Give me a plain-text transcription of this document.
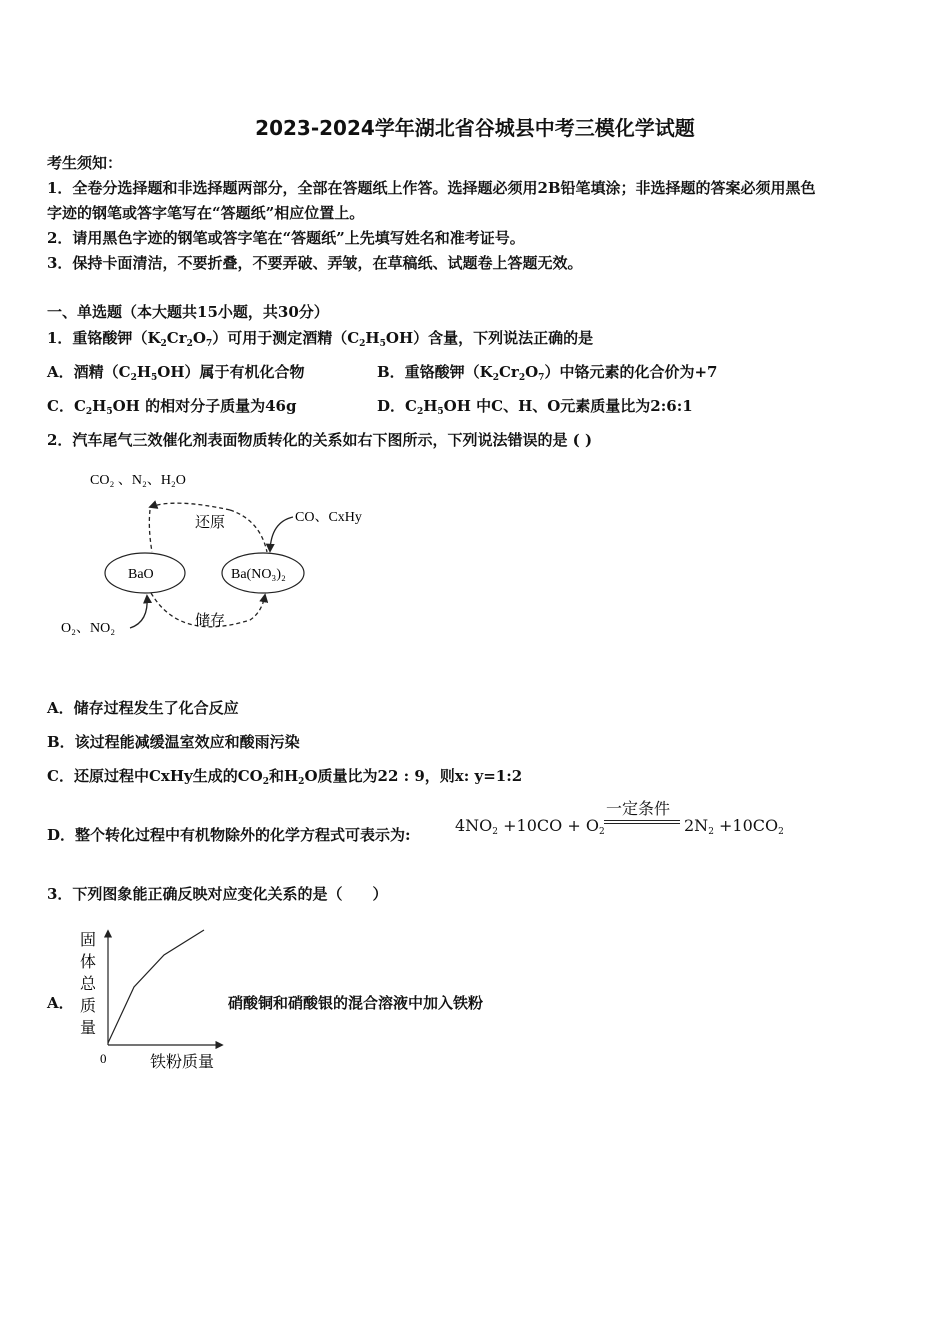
2023-2024学年湖北省谷城县中考三模化学试题
考生须知：
1．全卷分选择题和非选择题两部分，全部在答题纸上作答。选择题必须用2B铅笔填涂；非选择题的答案必须用黑色
字迹的钢笔或答字笔写在“答题纸”相应位置上。
2．请用黑色字迹的钢笔或答字笔在“答题纸”上先填写姓名和准考证号。
3．保持卡面清洁，不要折叠，不要弄破、弄皱，在草稿纸、试题卷上答题无效。
一、单选题（本大题共15小题，共30分）
1．重铬酸钾$(K_2Cr_2O_7)$可用于测定酒精$(C_2H_5OH)$含量，下列说法正确的是
A．酒精$(C_2H_5OH)$属于有机化合物	B．重铬酸钾$(K_2Cr_2O_7)$中铬元素的化合价为+7
C．$C_2H_5OH$ 的相对分子质量为46g	D．$C_2H_5OH$ 中C、H、O元素质量比为2:6:1
2．汽车尾气三效催化剂表面物质转化的关系如右下图所示，下列说法错误的是 ( )
CO₂ 、N₂、H₂O
还原	CO、CxHy
BaO	Ba(NO₃)₂
储存
O₂、NO₂
A．储存过程发生了化合反应
B．该过程能减缓温室效应和酸雨污染
C．还原过程中CxHy生成的$CO_2$和$H_2O$质量比为22 : 9，则x: y=1:2
D．整个转化过程中有机物除外的化学方程式可表示为:	$4NO_2 +10CO + O_2$
一定条件
$2N_2 +10CO_2$
3．下列图象能正确反映对应变化关系的是（　　）
A．
固
体
总
质
量
0	铁粉质量
硝酸铜和硝酸银的混合溶液中加入铁粉
